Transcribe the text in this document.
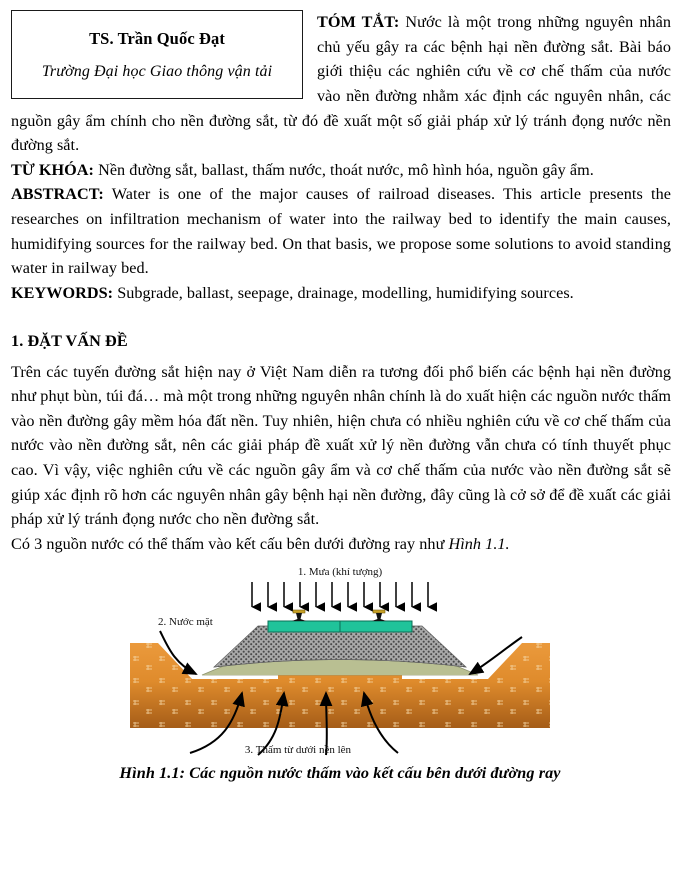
TS. Trần Quốc Đạt
Trường Đại học Giao thông vận tải

TÓM TẮT: Nước là một trong những nguyên nhân chủ yếu gây ra các bệnh hại nền đường sắt. Bài báo giới thiệu các nghiên cứu về cơ chế thấm của nước vào nền đường nhằm xác định các nguyên nhân, các nguồn gây ẩm chính cho nền đường sắt, từ đó đề xuất một số giải pháp xử lý tránh đọng nước nền đường sắt.

TỪ KHÓA: Nền đường sắt, ballast, thấm nước, thoát nước, mô hình hóa, nguồn gây ẩm.

ABSTRACT: Water is one of the major causes of railroad diseases. This article presents the researches on infiltration mechanism of water into the railway bed to identify the main causes, humidifying sources for the railway bed. On that basis, we propose some solutions to avoid standing water in railway bed.

KEYWORDS: Subgrade, ballast, seepage, drainage, modelling, humidifying sources.

1. ĐẶT VẤN ĐỀ

Trên các tuyến đường sắt hiện nay ở Việt Nam diễn ra tương đối phổ biến các bệnh hại nền đường như phụt bùn, túi đá… mà một trong những nguyên nhân chính là do xuất hiện các nguồn nước thấm vào nền đường gây mềm hóa đất nền. Tuy nhiên, hiện chưa có nhiều nghiên cứu về cơ chế thấm của nước vào nền đường sắt, nên các giải pháp đề xuất xử lý nền đường vẫn chưa có tính thuyết phục cao. Vì vậy, việc nghiên cứu về các nguồn gây ẩm và cơ chế thấm của nước vào nền đường sắt sẽ giúp xác định rõ hơn các nguyên nhân gây bệnh hại nền đường, đây cũng là cở sở để đề xuất các giải pháp xử lý tránh đọng nước cho nền đường sắt.

Có 3 nguồn nước có thể thấm vào kết cấu bên dưới đường ray như Hình 1.1.

1. Mưa (khí tượng)
2. Nước mặt
3. Thấm từ dưới nền lên
Hình 1.1: Các nguồn nước thấm vào kết cấu bên dưới đường ray
